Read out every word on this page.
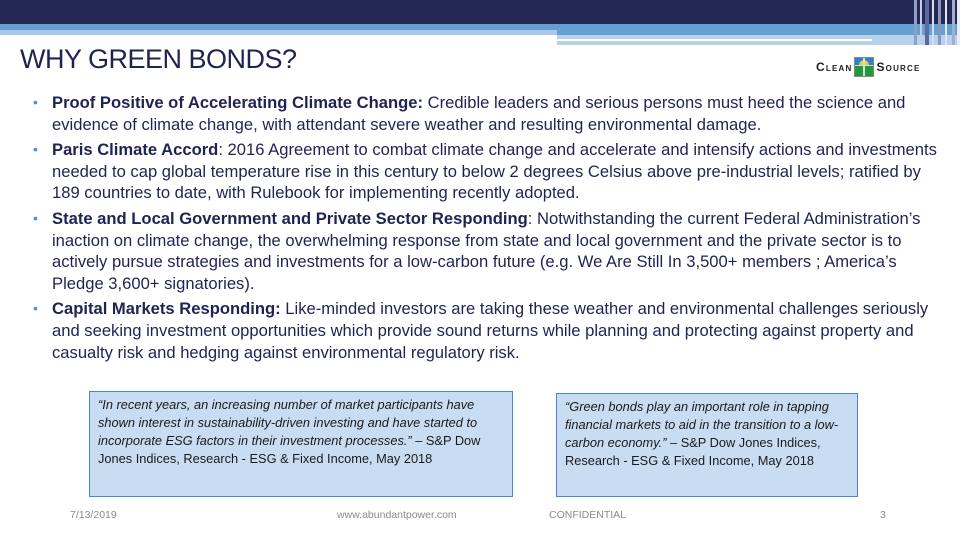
WHY GREEN BONDS?	Clean Source
• Proof Positive of Accelerating Climate Change: Credible leaders and serious persons must heed the science and evidence of climate change, with attendant severe weather and resulting environmental damage.
• Paris Climate Accord: 2016 Agreement to combat climate change and accelerate and intensify actions and investments needed to cap global temperature rise in this century to below 2 degrees Celsius above pre-industrial levels; ratified by 189 countries to date, with Rulebook for implementing recently adopted.
• State and Local Government and Private Sector Responding: Notwithstanding the current Federal Administration’s inaction on climate change, the overwhelming response from state and local government and the private sector is to actively pursue strategies and investments for a low-carbon future (e.g. We Are Still In 3,500+ members ; America’s Pledge 3,600+ signatories).
• Capital Markets Responding: Like-minded investors are taking these weather and environmental challenges seriously and seeking investment opportunities which provide sound returns while planning and protecting against property and casualty risk and hedging against environmental regulatory risk.
“In recent years, an increasing number of market participants have shown interest in sustainability-driven investing and have started to incorporate ESG factors in their investment processes.” – S&P Dow Jones Indices, Research - ESG & Fixed Income, May 2018
“Green bonds play an important role in tapping financial markets to aid in the transition to a low-carbon economy.” – S&P Dow Jones Indices, Research - ESG & Fixed Income, May 2018
7/13/2019	www.abundantpower.com	CONFIDENTIAL	3
